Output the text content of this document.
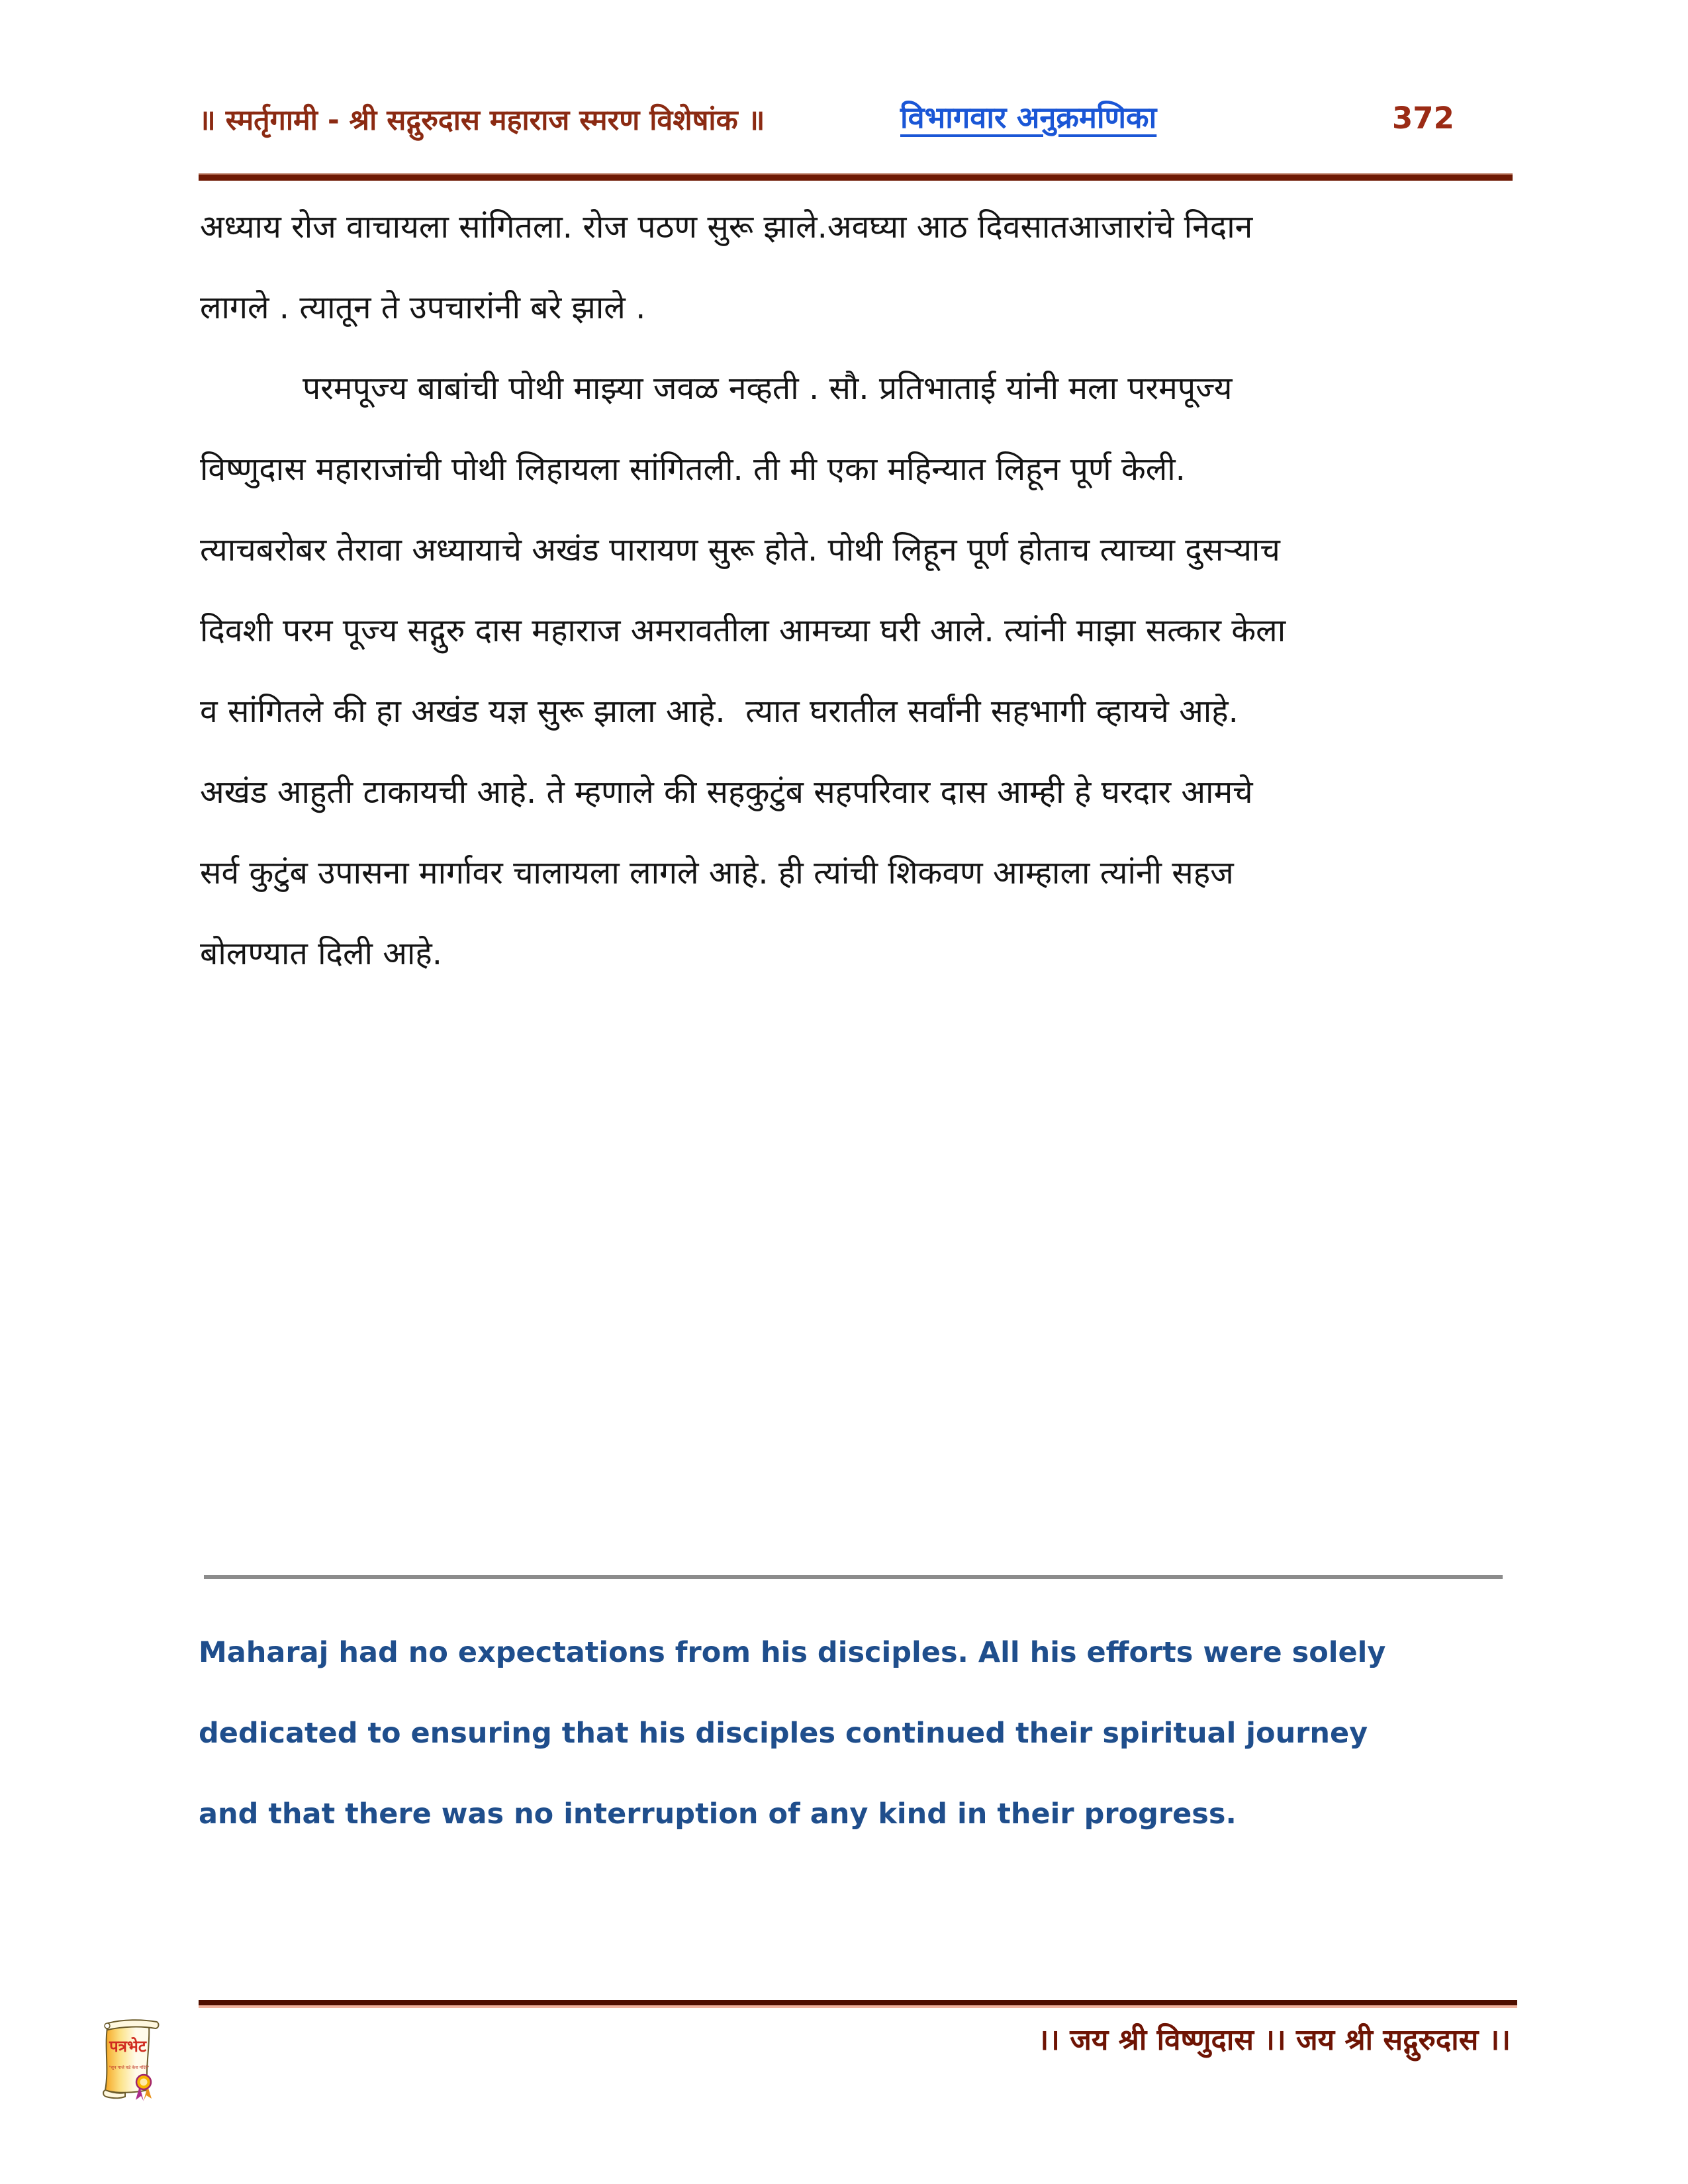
॥ स्मर्तृगामी - श्री सद्गुरुदास महाराज स्मरण विशेषांक ॥	विभागवार अनुक्रमणिका	372
अध्याय रोज वाचायला सांगितला. रोज पठण सुरू झाले.अवघ्या आठ दिवसातआजारांचे निदान
लागले . त्यातून ते उपचारांनी बरे झाले .
परमपूज्य बाबांची पोथी माझ्या जवळ नव्हती . सौ. प्रतिभाताई यांनी मला परमपूज्य
विष्णुदास महाराजांची पोथी लिहायला सांगितली. ती मी एका महिन्यात लिहून पूर्ण केली.
त्याचबरोबर तेरावा अध्यायाचे अखंड पारायण सुरू होते. पोथी लिहून पूर्ण होताच त्याच्या दुसऱ्याच
दिवशी परम पूज्य सद्गुरु दास महाराज अमरावतीला आमच्या घरी आले. त्यांनी माझा सत्कार केला
व सांगितले की हा अखंड यज्ञ सुरू झाला आहे.  त्यात घरातील सर्वांनी सहभागी व्हायचे आहे.
अखंड आहुती टाकायची आहे. ते म्हणाले की सहकुटुंब सहपरिवार दास आम्ही हे घरदार आमचे
सर्व कुटुंब उपासना मार्गावर चालायला लागले आहे. ही त्यांची शिकवण आम्हाला त्यांनी सहज
बोलण्यात दिली आहे.
Maharaj had no expectations from his disciples. All his efforts were solely
dedicated to ensuring that his disciples continued their spiritual journey
and that there was no interruption of any kind in their progress.
।। जय श्री विष्णुदास ।। जय श्री सद्गुरुदास ।।
पत्रभेट
"सुन पाजे घडे केश मंदिरे"
